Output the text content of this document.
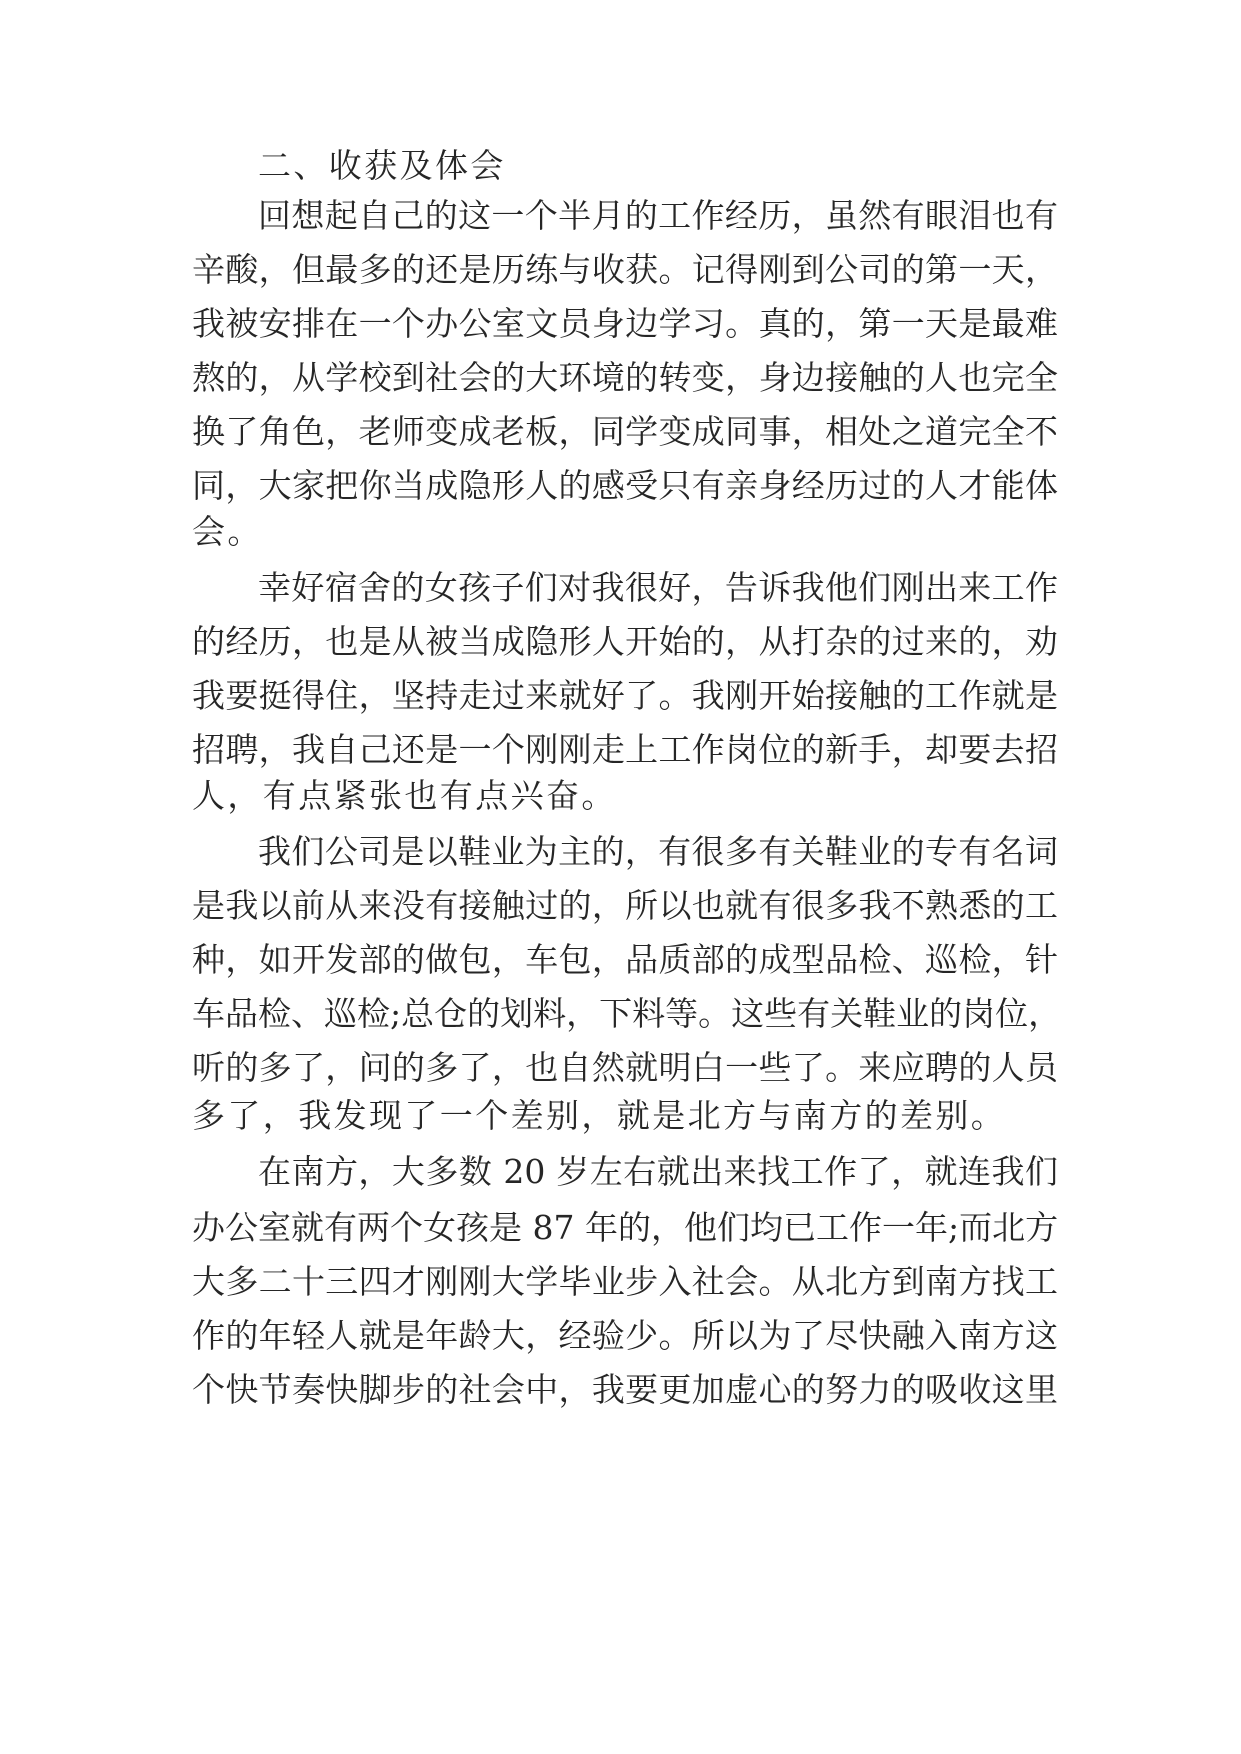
二、收获及体会
回想起自己的这一个半月的工作经历，虽然有眼泪也有
辛酸，但最多的还是历练与收获。记得刚到公司的第一天，
我被安排在一个办公室文员身边学习。真的，第一天是最难
熬的，从学校到社会的大环境的转变，身边接触的人也完全
换了角色，老师变成老板，同学变成同事，相处之道完全不
同，大家把你当成隐形人的感受只有亲身经历过的人才能体
会。
幸好宿舍的女孩子们对我很好，告诉我他们刚出来工作
的经历，也是从被当成隐形人开始的，从打杂的过来的，劝
我要挺得住，坚持走过来就好了。我刚开始接触的工作就是
招聘，我自己还是一个刚刚走上工作岗位的新手，却要去招
人，有点紧张也有点兴奋。
我们公司是以鞋业为主的，有很多有关鞋业的专有名词
是我以前从来没有接触过的，所以也就有很多我不熟悉的工
种，如开发部的做包，车包，品质部的成型品检、巡检，针
车品检、巡检;总仓的划料，下料等。这些有关鞋业的岗位，
听的多了，问的多了，也自然就明白一些了。来应聘的人员
多了，我发现了一个差别，就是北方与南方的差别。
在南方，大多数 20 岁左右就出来找工作了，就连我们
办公室就有两个女孩是 87 年的，他们均已工作一年;而北方
大多二十三四才刚刚大学毕业步入社会。从北方到南方找工
作的年轻人就是年龄大，经验少。所以为了尽快融入南方这
个快节奏快脚步的社会中，我要更加虚心的努力的吸收这里
